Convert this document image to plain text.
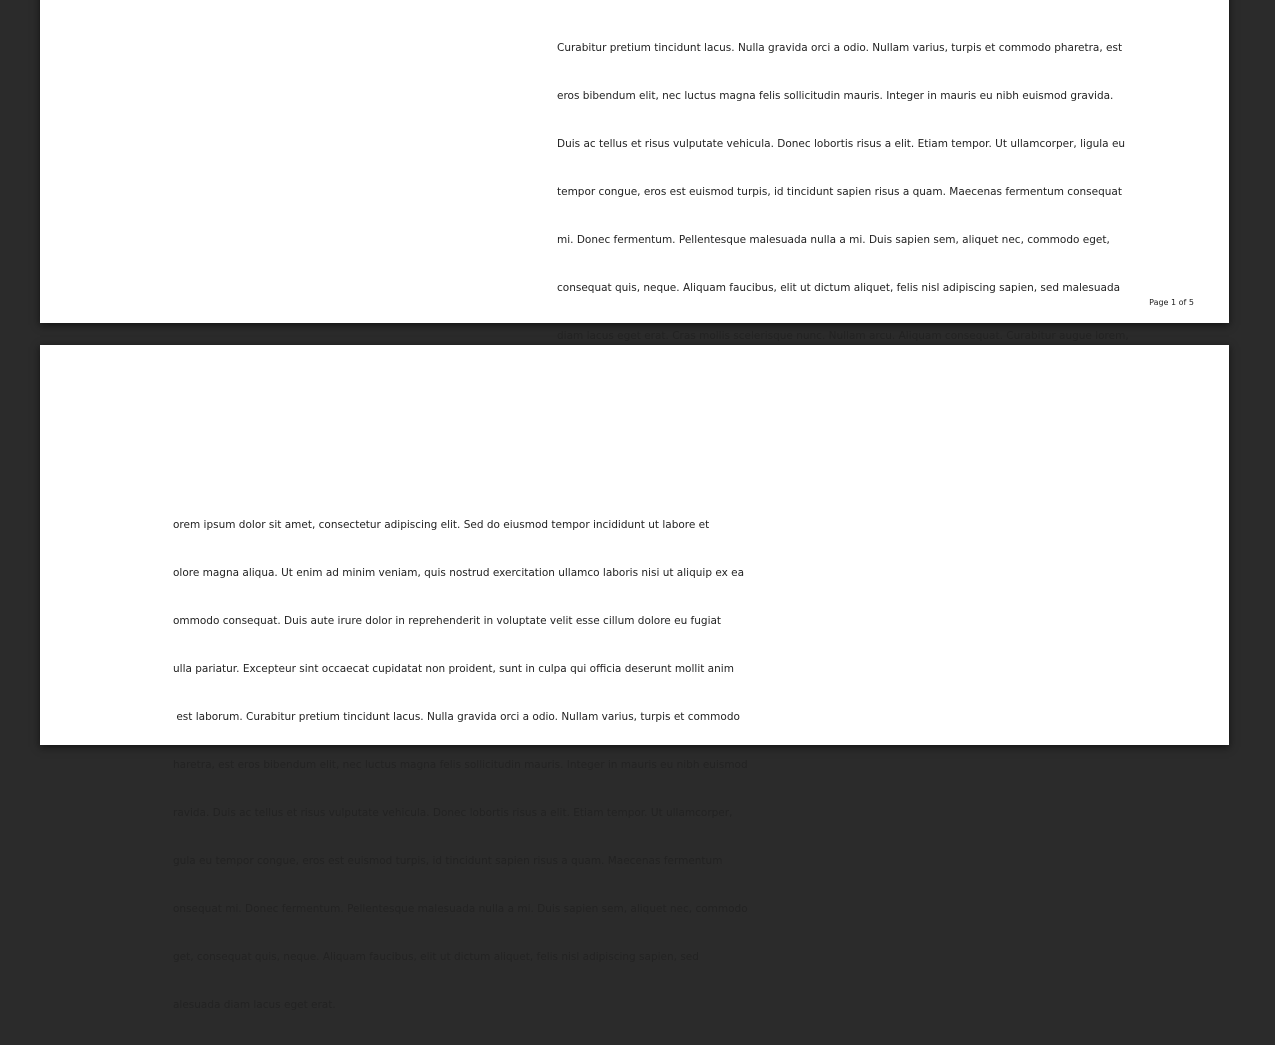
Curabitur pretium tincidunt lacus. Nulla gravida orci a odio. Nullam varius, turpis et commodo pharetra, est

eros bibendum elit, nec luctus magna felis sollicitudin mauris. Integer in mauris eu nibh euismod gravida.

Duis ac tellus et risus vulputate vehicula. Donec lobortis risus a elit. Etiam tempor. Ut ullamcorper, ligula eu

tempor congue, eros est euismod turpis, id tincidunt sapien risus a quam. Maecenas fermentum consequat

mi. Donec fermentum. Pellentesque malesuada nulla a mi. Duis sapien sem, aliquet nec, commodo eget,

consequat quis, neque. Aliquam faucibus, elit ut dictum aliquet, felis nisl adipiscing sapien, sed malesuada

diam lacus eget erat. Cras mollis scelerisque nunc. Nullam arcu. Aliquam consequat. Curabitur augue lorem,

Page 1 of 5

orem ipsum dolor sit amet, consectetur adipiscing elit. Sed do eiusmod tempor incididunt ut labore et

olore magna aliqua. Ut enim ad minim veniam, quis nostrud exercitation ullamco laboris nisi ut aliquip ex ea

ommodo consequat. Duis aute irure dolor in reprehenderit in voluptate velit esse cillum dolore eu fugiat

ulla pariatur. Excepteur sint occaecat cupidatat non proident, sunt in culpa qui officia deserunt mollit anim

est laborum. Curabitur pretium tincidunt lacus. Nulla gravida orci a odio. Nullam varius, turpis et commodo

haretra, est eros bibendum elit, nec luctus magna felis sollicitudin mauris. Integer in mauris eu nibh euismod

ravida. Duis ac tellus et risus vulputate vehicula. Donec lobortis risus a elit. Etiam tempor. Ut ullamcorper,

gula eu tempor congue, eros est euismod turpis, id tincidunt sapien risus a quam. Maecenas fermentum

onsequat mi. Donec fermentum. Pellentesque malesuada nulla a mi. Duis sapien sem, aliquet nec, commodo

get, consequat quis, neque. Aliquam faucibus, elit ut dictum aliquet, felis nisl adipiscing sapien, sed

alesuada diam lacus eget erat.
